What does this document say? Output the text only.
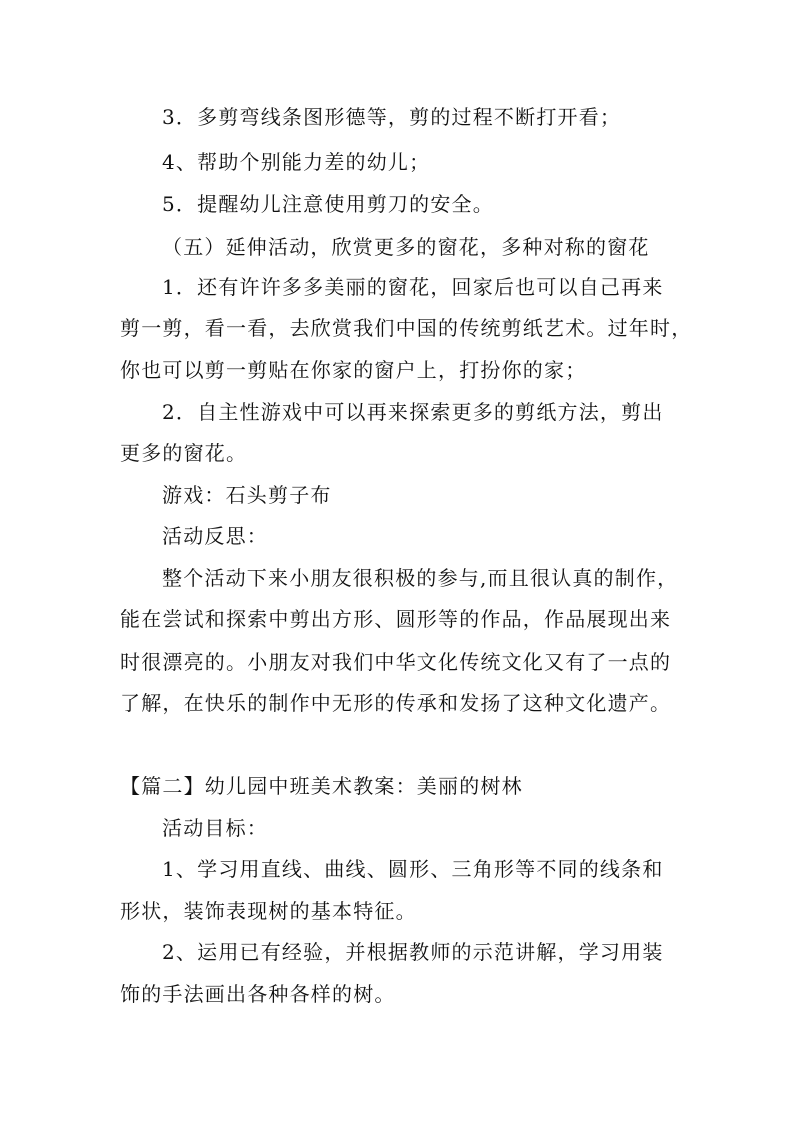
3．多剪弯线条图形德等，剪的过程不断打开看；
4、帮助个别能力差的幼儿；
5．提醒幼儿注意使用剪刀的安全。
（五）延伸活动，欣赏更多的窗花，多种对称的窗花
1．还有许许多多美丽的窗花，回家后也可以自己再来
剪一剪，看一看，去欣赏我们中国的传统剪纸艺术。过年时，
你也可以剪一剪贴在你家的窗户上，打扮你的家；
2．自主性游戏中可以再来探索更多的剪纸方法，剪出
更多的窗花。
游戏：石头剪子布
活动反思：
整个活动下来小朋友很积极的参与,而且很认真的制作，
能在尝试和探索中剪出方形、圆形等的作品，作品展现出来
时很漂亮的。小朋友对我们中华文化传统文化又有了一点的
了解，在快乐的制作中无形的传承和发扬了这种文化遗产。
【篇二】幼儿园中班美术教案：美丽的树林
活动目标：
1、学习用直线、曲线、圆形、三角形等不同的线条和
形状，装饰表现树的基本特征。
2、运用已有经验，并根据教师的示范讲解，学习用装
饰的手法画出各种各样的树。
